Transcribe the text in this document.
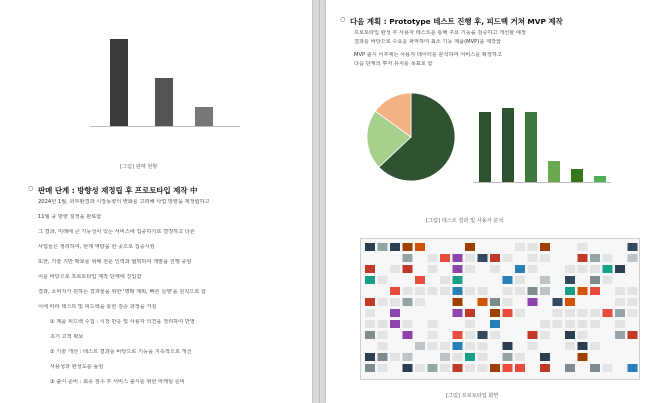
[그림] 판매 현황
○ 판매 단계 : 방향성 재정립 후 프로토타입 제작 中
2024년 1월, 외부환경과 시장동향의 변화를 고려해 사업 방향을 재정립하고
11월 중 방향 설정을 완료함
그 결과, 미래에 큰 가능성이 있는 서비스에 집중하기로 결정하고 다른
사업들은 정리하여, 현재 역량을 한 곳으로 집중시킴
또한, 기술 기반 확보를 위해 전문 인력과 협력하여 개발을 진행 중임
이를 바탕으로 프로토타입 제작 단계에 진입함
결과, 소비자가 원하는 결과물을 위한 '명확 계획, 빠른 실행'을 원칙으로 함
이에 따라 테스트 및 피드백을 통한 검증 과정을 거침
① 제품 피드백 수집 : 시장 반응 및 사용자 의견을 정리하여 반영
초기 고객 확보
② 기술 개선 : 테스트 결과를 바탕으로 기능을 지속적으로 개선
사용성과 완성도를 높임
③ 출시 준비 : 최종 검수 후 서비스 출시를 위한 마케팅 준비
○ 다음 계획 : Prototype 테스트 진행 후, 피드백 거쳐 MVP 제작
프로토타입 완성 후 사용자 테스트를 통해 주요 기능을 검증하고 개선할 예정
결과를 바탕으로 수요를 파악하여 최소 기능 제품(MVP)을 제작함
MVP 출시 이후에는 사용자 데이터를 분석하여 서비스를 확장하고
다음 단계의 투자 유치를 목표로 함
[그림] 테스트 결과 및 사용자 분석
[그림] 프로토타입 화면
